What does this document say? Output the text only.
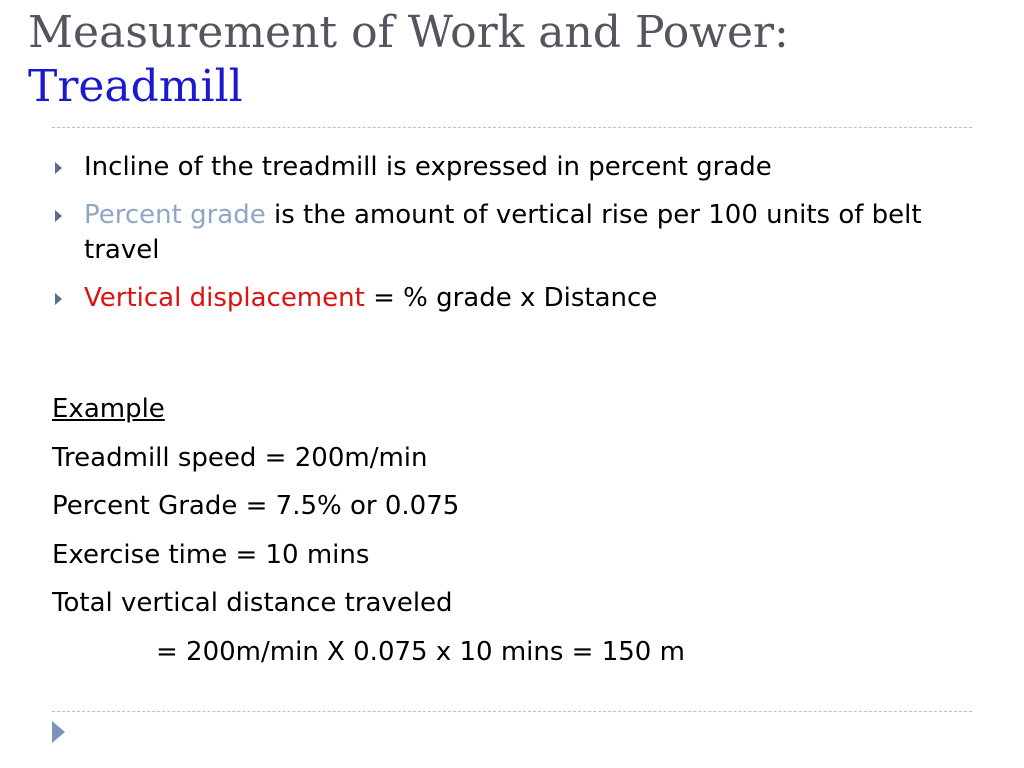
Measurement of Work and Power:
Treadmill
Incline of the treadmill is expressed in percent grade
Percent grade is the amount of vertical rise per 100 units of belt travel
Vertical displacement = % grade x Distance
Example
Treadmill speed = 200m/min
Percent Grade = 7.5% or 0.075
Exercise time = 10 mins
Total vertical distance traveled
= 200m/min X 0.075 x 10 mins = 150 m
